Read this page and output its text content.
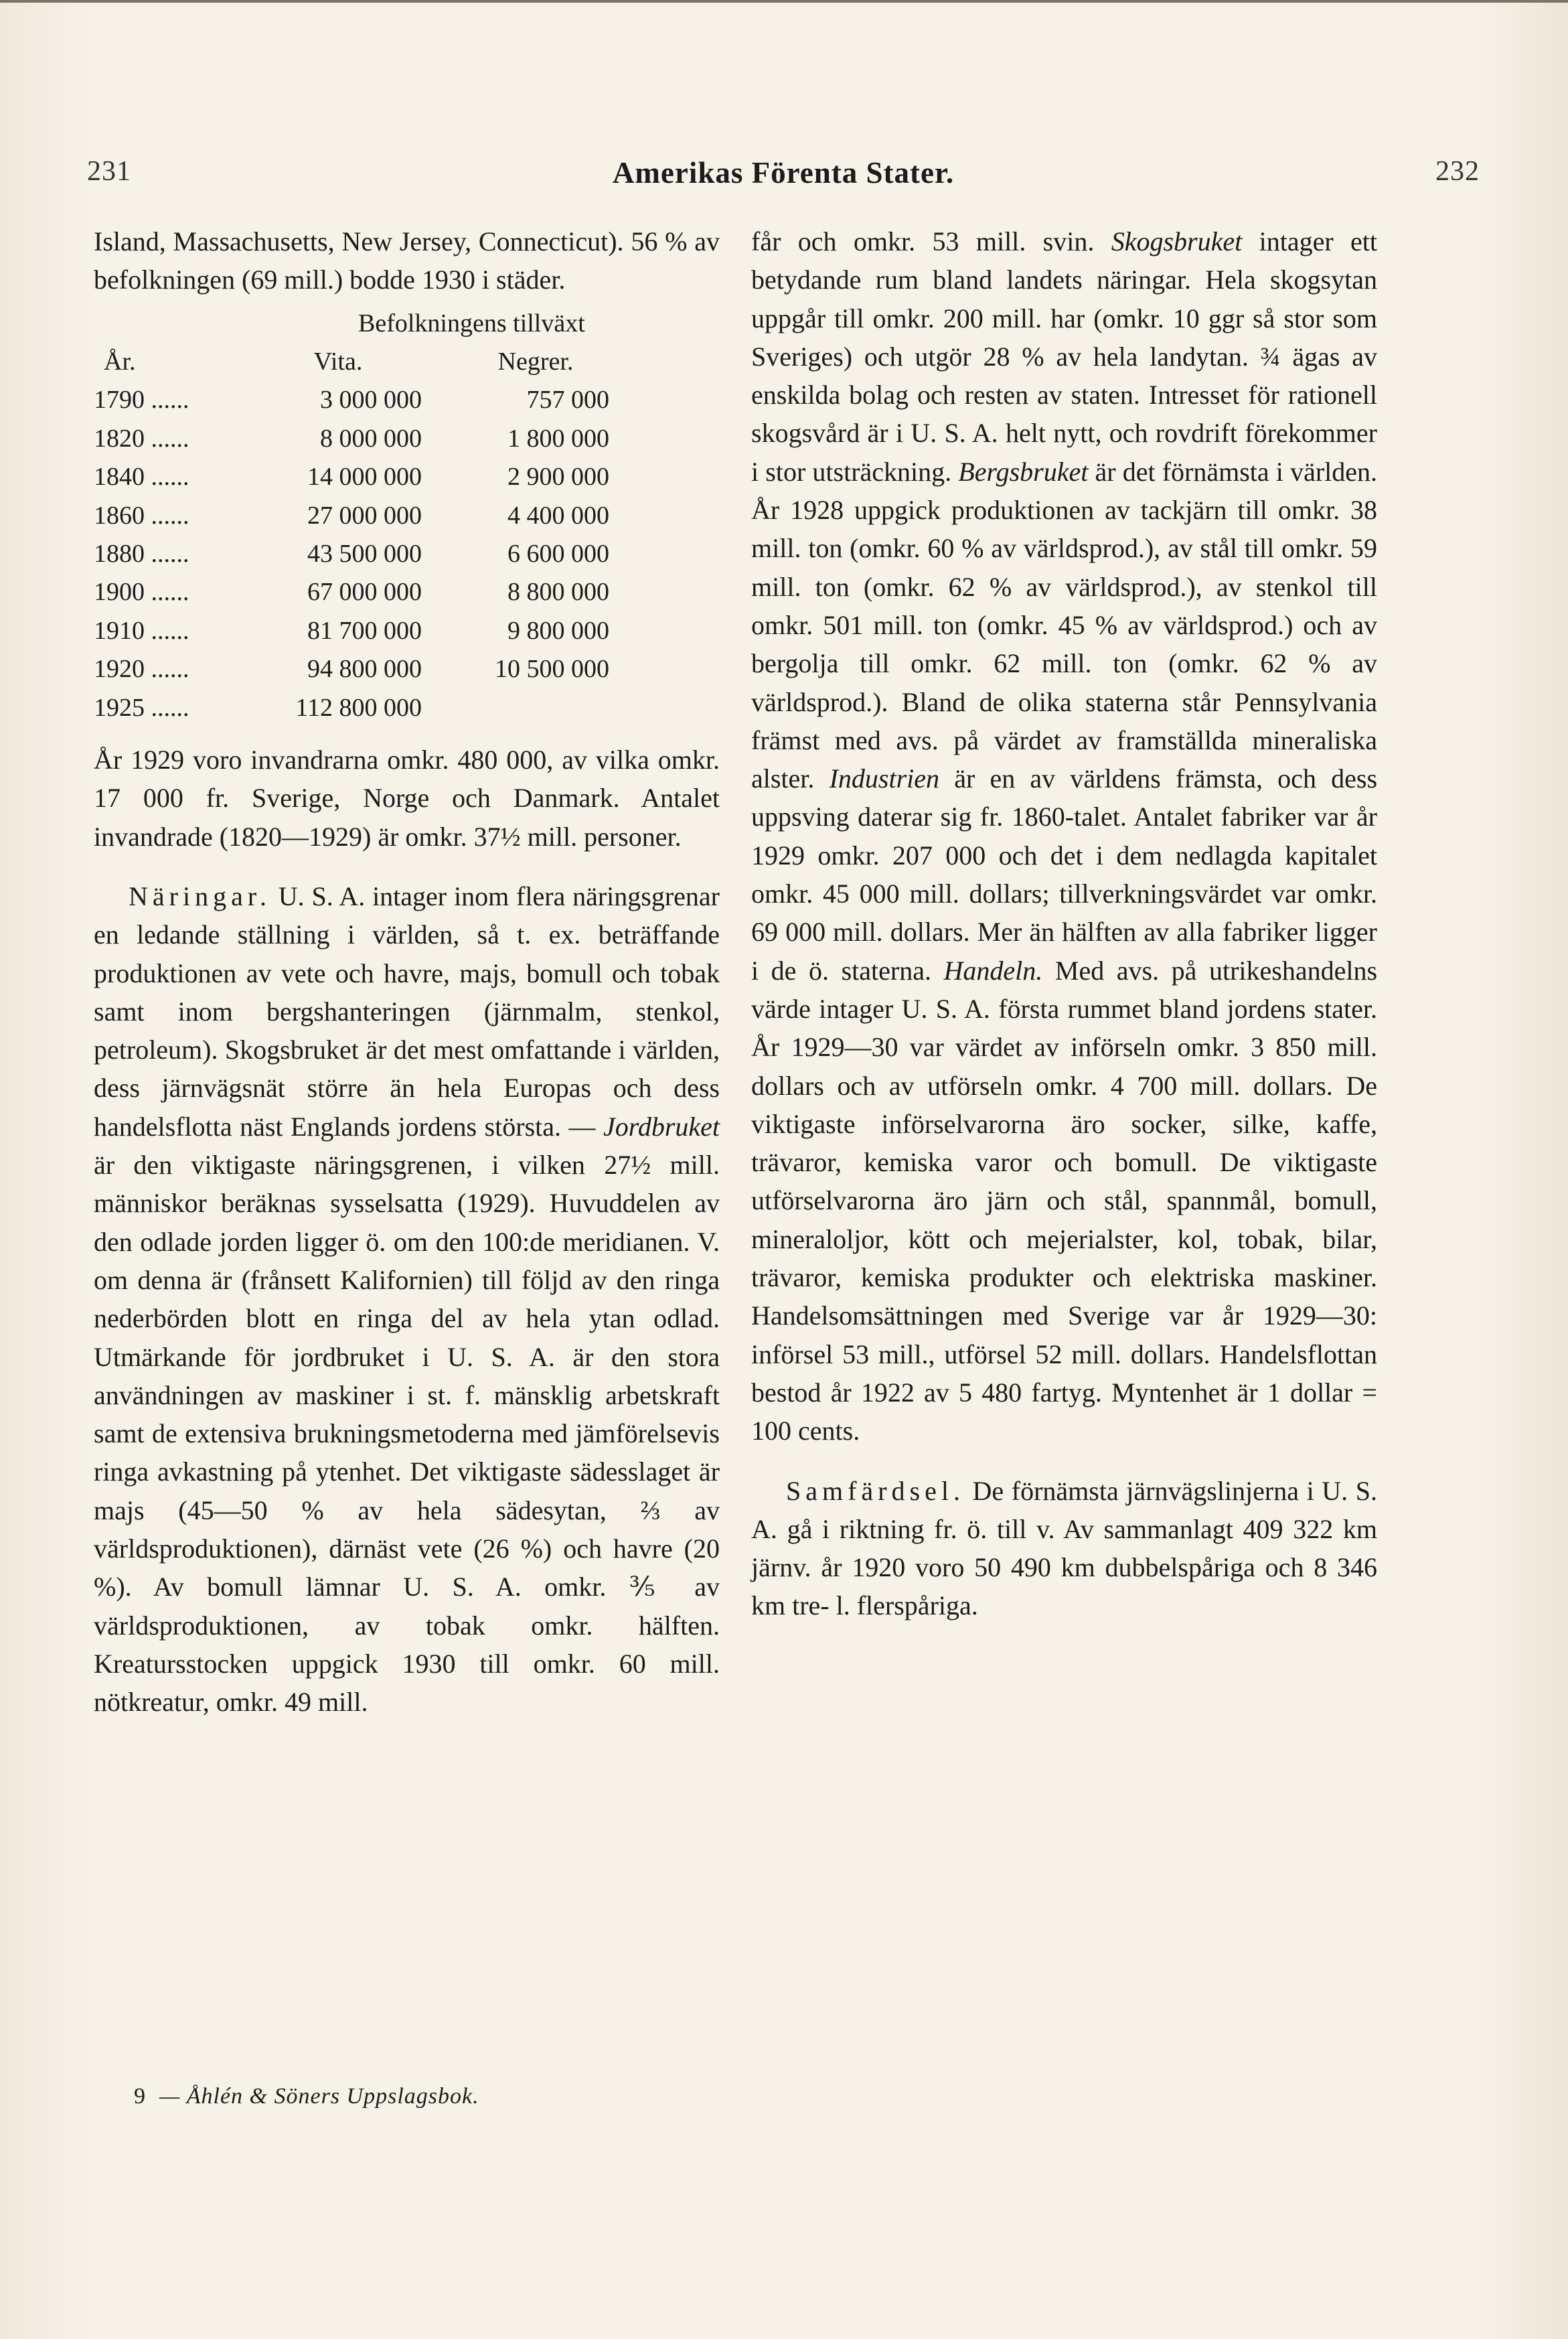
231	Amerikas Förenta Stater.	232

Island, Massachusetts, New Jersey, Connecticut). 56 % av befolkningen (69 mill.) bodde 1930 i städer.

Befolkningens tillväxt
År.	Vita.	Negrer.
1790 ......	3 000 000	757 000
1820 ......	8 000 000	1 800 000
1840 ......	14 000 000	2 900 000
1860 ......	27 000 000	4 400 000
1880 ......	43 500 000	6 600 000
1900 ......	67 000 000	8 800 000
1910 ......	81 700 000	9 800 000
1920 ......	94 800 000	10 500 000
1925 ......	112 800 000

År 1929 voro invandrarna omkr. 480 000, av vilka omkr. 17 000 fr. Sverige, Norge och Danmark. Antalet invandrade (1820—1929) är omkr. 37½ mill. personer.

Näringar. U. S. A. intager inom flera näringsgrenar en ledande ställning i världen, så t. ex. beträffande produktionen av vete och havre, majs, bomull och tobak samt inom bergshanteringen (järnmalm, stenkol, petroleum). Skogsbruket är det mest omfattande i världen, dess järnvägsnät större än hela Europas och dess handelsflotta näst Englands jordens största. — Jordbruket är den viktigaste näringsgrenen, i vilken 27½ mill. människor beräknas sysselsatta (1929). Huvuddelen av den odlade jorden ligger ö. om den 100:de meridianen. V. om denna är (frånsett Kalifornien) till följd av den ringa nederbörden blott en ringa del av hela ytan odlad. Utmärkande för jordbruket i U. S. A. är den stora användningen av maskiner i st. f. mänsklig arbetskraft samt de extensiva brukningsmetoderna med jämförelsevis ringa avkastning på ytenhet. Det viktigaste sädesslaget är majs (45—50 % av hela sädesytan, ⅔ av världsproduktionen), därnäst vete (26 %) och havre (20 %). Av bomull lämnar U. S. A. omkr. ⅗ av världsproduktionen, av tobak omkr. hälften. Kreatursstocken uppgick 1930 till omkr. 60 mill. nötkreatur, omkr. 49 mill.

får och omkr. 53 mill. svin. Skogsbruket intager ett betydande rum bland landets näringar. Hela skogsytan uppgår till omkr. 200 mill. har (omkr. 10 ggr så stor som Sveriges) och utgör 28 % av hela landytan. ¾ ägas av enskilda bolag och resten av staten. Intresset för rationell skogsvård är i U. S. A. helt nytt, och rovdrift förekommer i stor utsträckning. Bergsbruket är det förnämsta i världen. År 1928 uppgick produktionen av tackjärn till omkr. 38 mill. ton (omkr. 60 % av världsprod.), av stål till omkr. 59 mill. ton (omkr. 62 % av världsprod.), av stenkol till omkr. 501 mill. ton (omkr. 45 % av världsprod.) och av bergolja till omkr. 62 mill. ton (omkr. 62 % av världsprod.). Bland de olika staterna står Pennsylvania främst med avs. på värdet av framställda mineraliska alster. Industrien är en av världens främsta, och dess uppsving daterar sig fr. 1860-talet. Antalet fabriker var år 1929 omkr. 207 000 och det i dem nedlagda kapitalet omkr. 45 000 mill. dollars; tillverkningsvärdet var omkr. 69 000 mill. dollars. Mer än hälften av alla fabriker ligger i de ö. staterna. Handeln. Med avs. på utrikeshandelns värde intager U. S. A. första rummet bland jordens stater. År 1929—30 var värdet av införseln omkr. 3 850 mill. dollars och av utförseln omkr. 4 700 mill. dollars. De viktigaste införselvarorna äro socker, silke, kaffe, trävaror, kemiska varor och bomull. De viktigaste utförselvarorna äro järn och stål, spannmål, bomull, mineraloljor, kött och mejerialster, kol, tobak, bilar, trävaror, kemiska produkter och elektriska maskiner. Handelsomsättningen med Sverige var år 1929—30: införsel 53 mill., utförsel 52 mill. dollars. Handelsflottan bestod år 1922 av 5 480 fartyg. Myntenhet är 1 dollar = 100 cents.

Samfärdsel. De förnämsta järnvägslinjerna i U. S. A. gå i riktning fr. ö. till v. Av sammanlagt 409 322 km järnv. år 1920 voro 50 490 km dubbelspåriga och 8 346 km tre- l. flerspåriga.

9 — Åhlén & Söners Uppslagsbok.
